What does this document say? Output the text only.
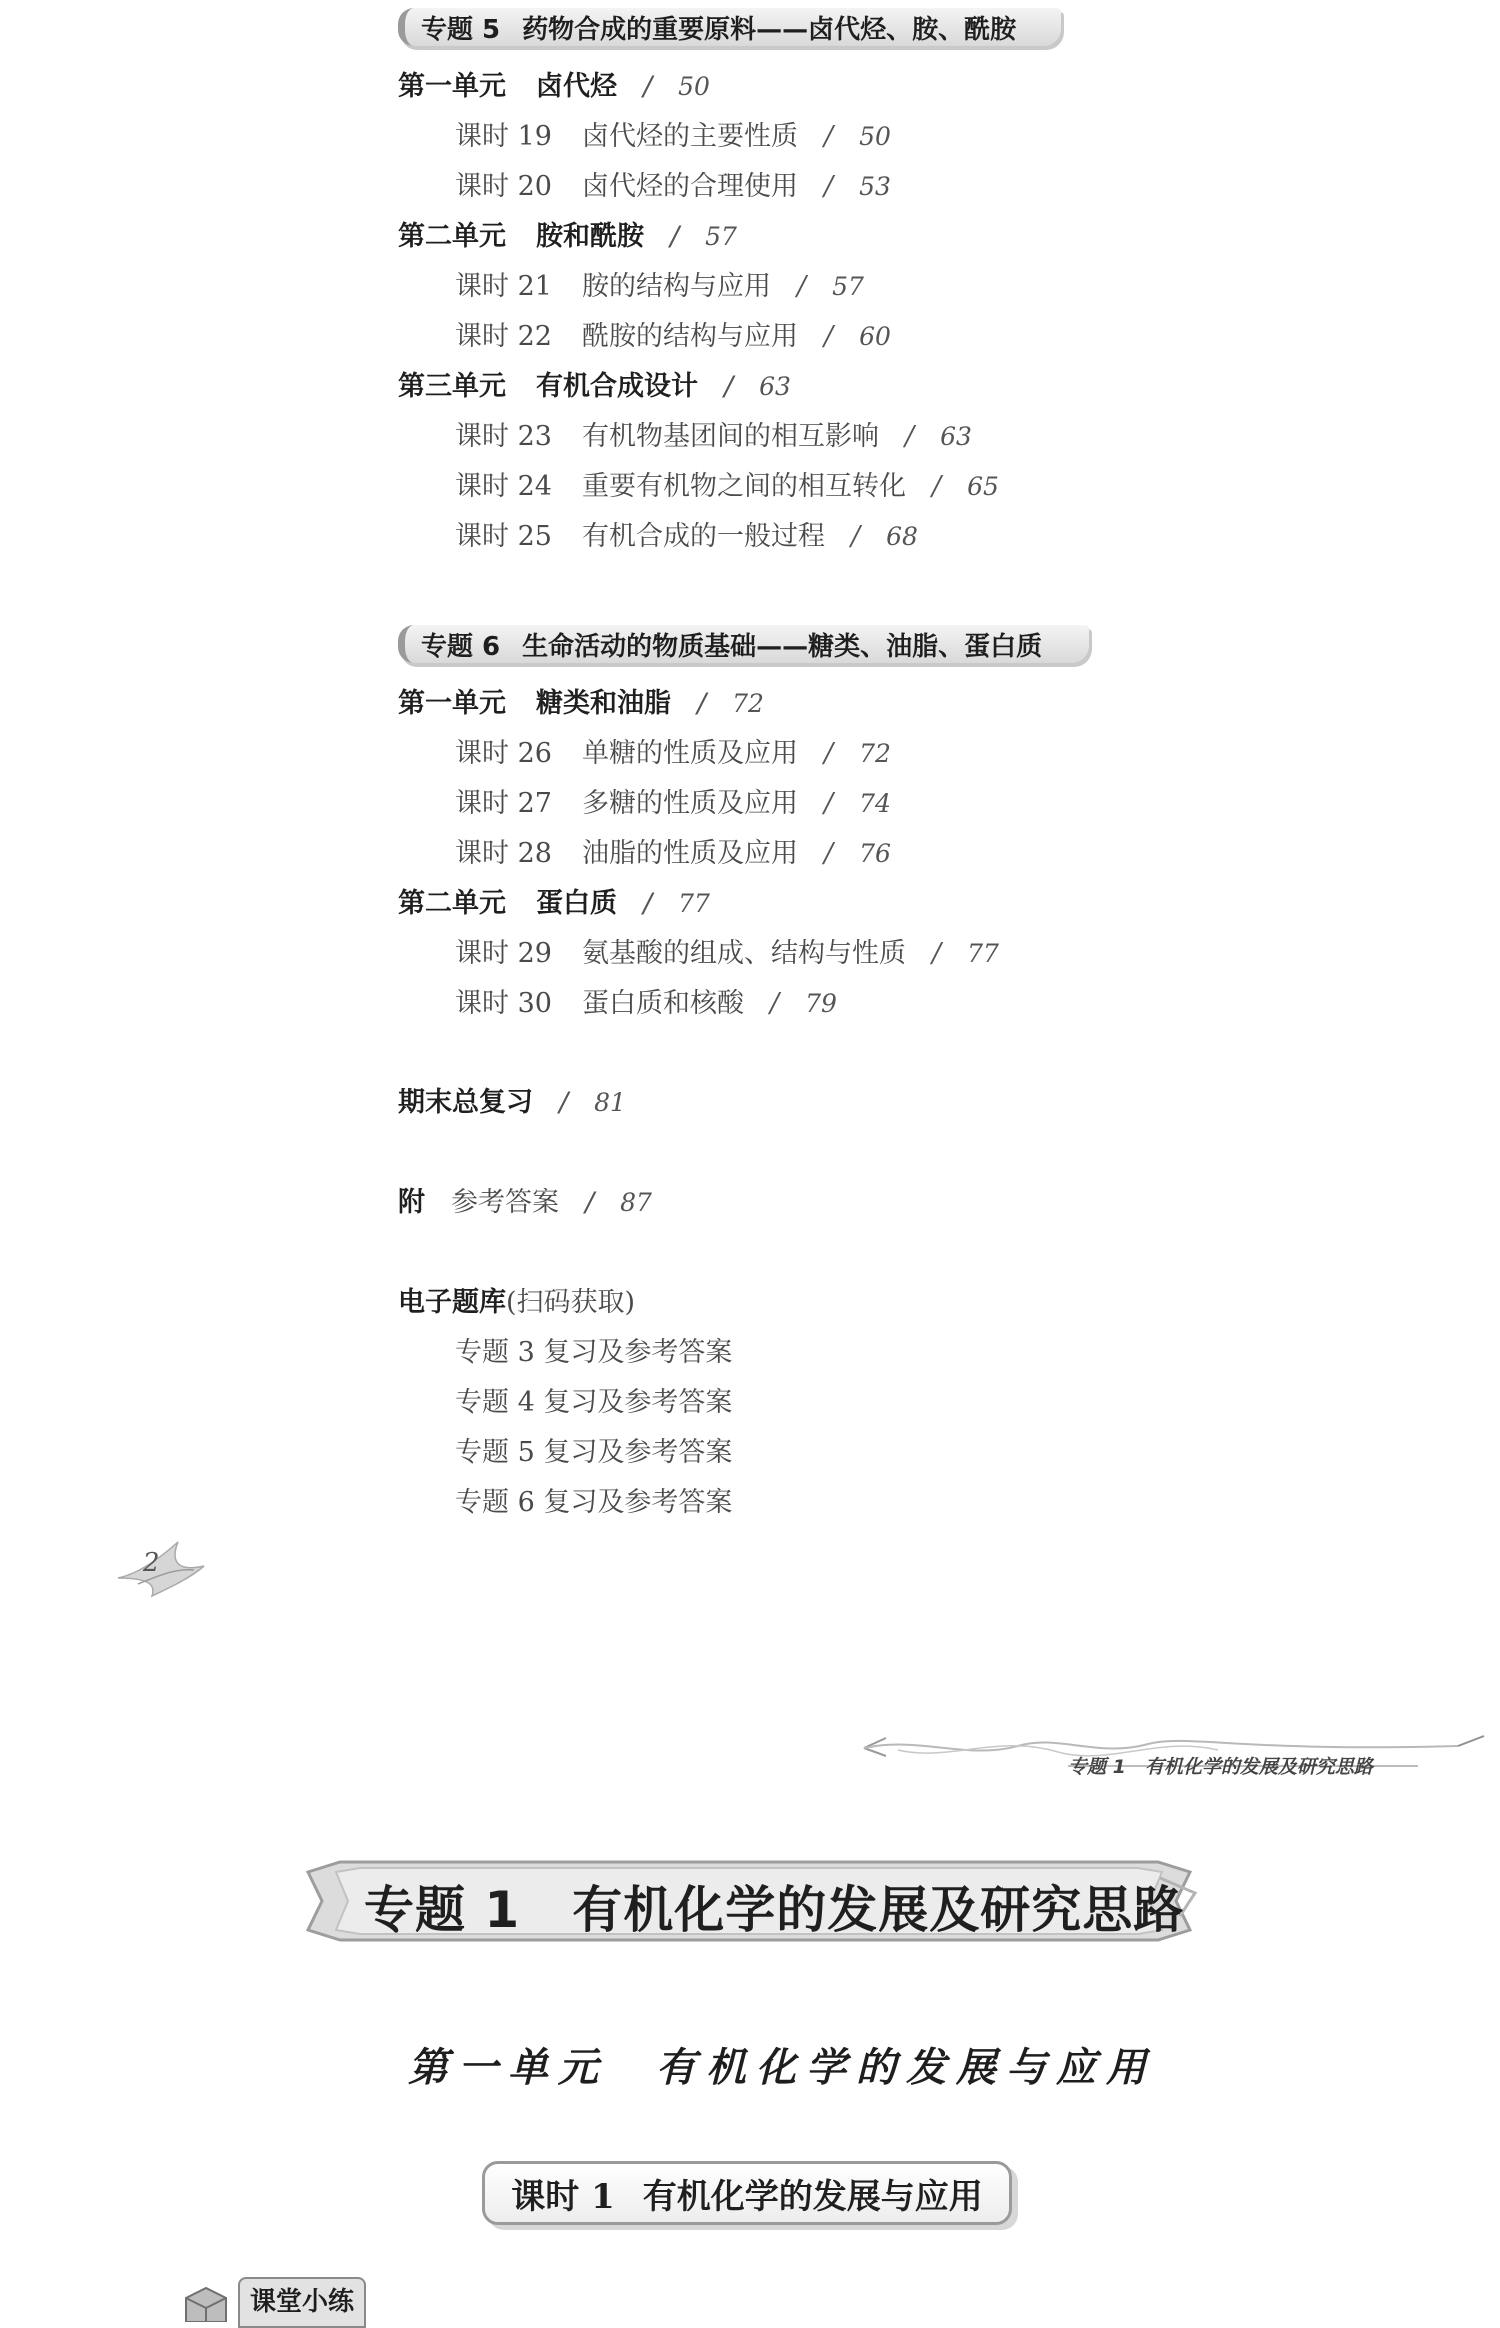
专题 5 药物合成的重要原料——卤代烃、胺、酰胺
第一单元 卤代烃 / 50
课时 19 卤代烃的主要性质 / 50
课时 20 卤代烃的合理使用 / 53
第二单元 胺和酰胺 / 57
课时 21 胺的结构与应用 / 57
课时 22 酰胺的结构与应用 / 60
第三单元 有机合成设计 / 63
课时 23 有机物基团间的相互影响 / 63
课时 24 重要有机物之间的相互转化 / 65
课时 25 有机合成的一般过程 / 68
专题 6 生命活动的物质基础——糖类、油脂、蛋白质
第一单元 糖类和油脂 / 72
课时 26 单糖的性质及应用 / 72
课时 27 多糖的性质及应用 / 74
课时 28 油脂的性质及应用 / 76
第二单元 蛋白质 / 77
课时 29 氨基酸的组成、结构与性质 / 77
课时 30 蛋白质和核酸 / 79
期末总复习 / 81
附 参考答案 / 87
电子题库(扫码获取)
专题 3 复习及参考答案
专题 4 复习及参考答案
专题 5 复习及参考答案
专题 6 复习及参考答案
2
专题 1　有机化学的发展及研究思路
专题 1 有机化学的发展及研究思路
第一单元 有机化学的发展与应用
课时 1 有机化学的发展与应用
课堂小练
